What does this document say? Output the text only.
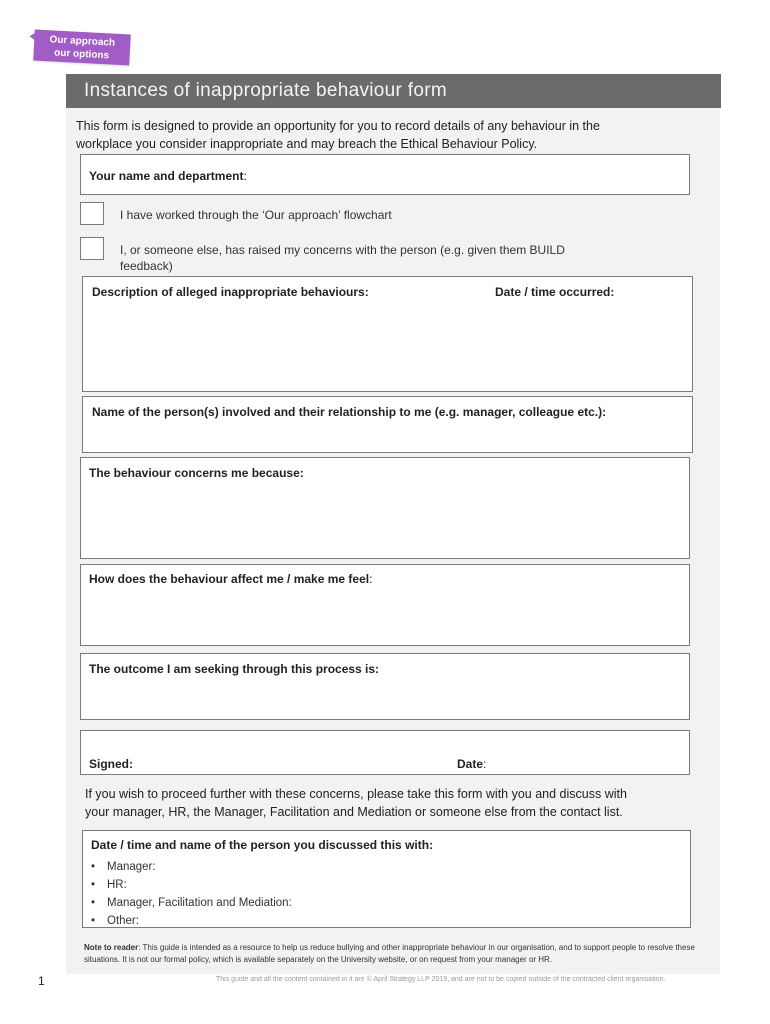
Our approach
our options
Instances of inappropriate behaviour form
This form is designed to provide an opportunity for you to record details of any behaviour in the
workplace you consider inappropriate and may breach the Ethical Behaviour Policy.
Your name and department:
I have worked through the ‘Our approach’ flowchart
I, or someone else, has raised my concerns with the person (e.g. given them BUILD
feedback)
Description of alleged inappropriate behaviours:	Date / time occurred:
Name of the person(s) involved and their relationship to me (e.g. manager, colleague etc.):
The behaviour concerns me because:
How does the behaviour affect me / make me feel:
The outcome I am seeking through this process is:
Signed:	Date:
If you wish to proceed further with these concerns, please take this form with you and discuss with
your manager, HR, the Manager, Facilitation and Mediation or someone else from the contact list.
Date / time and name of the person you discussed this with:
• Manager:
• HR:
• Manager, Facilitation and Mediation:
• Other:
Note to reader: This guide is intended as a resource to help us reduce bullying and other inappropriate behaviour in our organisation, and to support people to resolve these situations. It is not our formal policy, which is available separately on the University website, or on request from your manager or HR.
1	This guide and all the content contained in it are © April Strategy LLP 2019, and are not to be copied outside of the contracted client organisation.
